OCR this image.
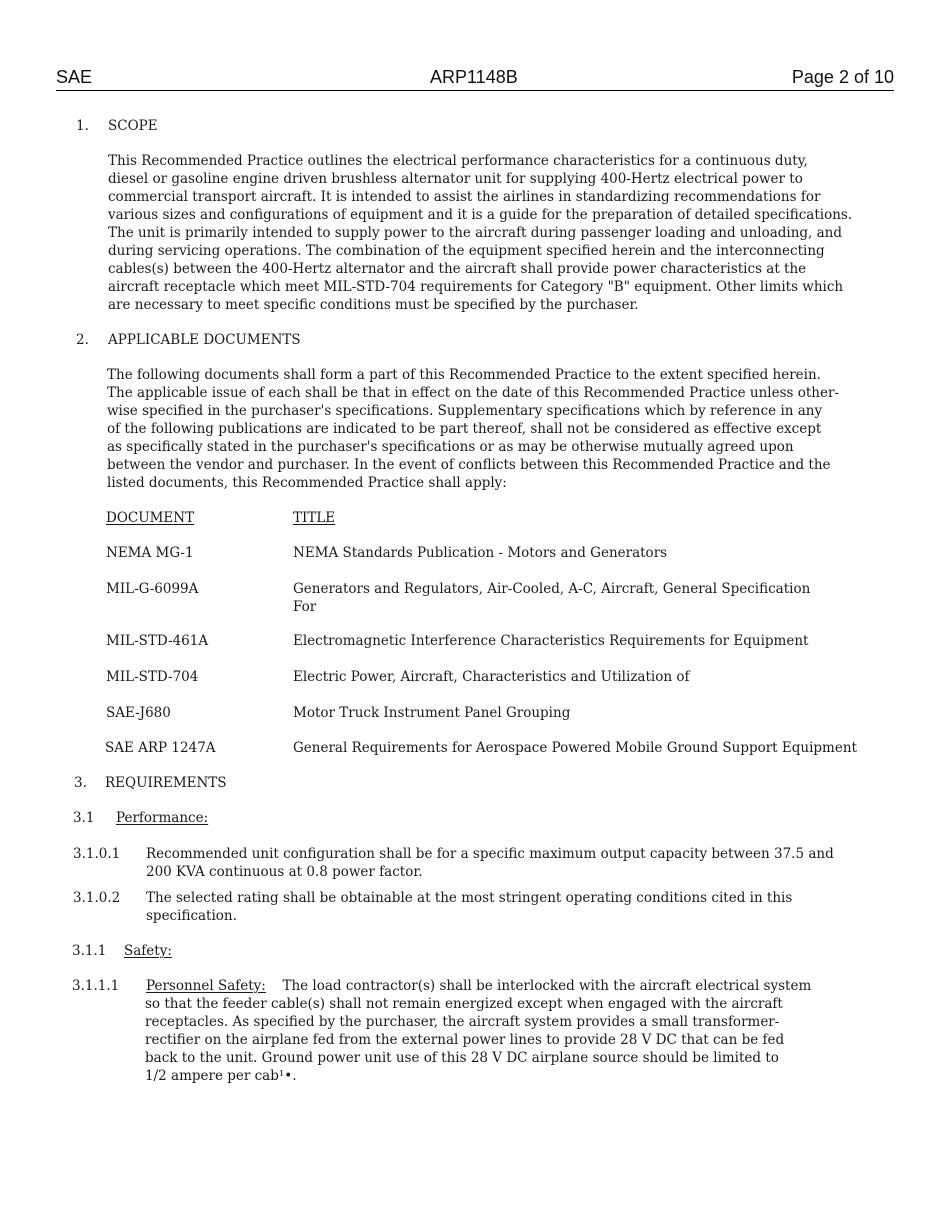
SAE	ARP1148B	Page 2 of 10
1. SCOPE
This Recommended Practice outlines the electrical performance characteristics for a continuous duty,
diesel or gasoline engine driven brushless alternator unit for supplying 400-Hertz electrical power to
commercial transport aircraft. It is intended to assist the airlines in standardizing recommendations for
various sizes and configurations of equipment and it is a guide for the preparation of detailed specifications.
The unit is primarily intended to supply power to the aircraft during passenger loading and unloading, and
during servicing operations. The combination of the equipment specified herein and the interconnecting
cables(s) between the 400-Hertz alternator and the aircraft shall provide power characteristics at the
aircraft receptacle which meet MIL-STD-704 requirements for Category "B" equipment. Other limits which
are necessary to meet specific conditions must be specified by the purchaser.
2. APPLICABLE DOCUMENTS
The following documents shall form a part of this Recommended Practice to the extent specified herein.
The applicable issue of each shall be that in effect on the date of this Recommended Practice unless other-
wise specified in the purchaser's specifications. Supplementary specifications which by reference in any
of the following publications are indicated to be part thereof, shall not be considered as effective except
as specifically stated in the purchaser's specifications or as may be otherwise mutually agreed upon
between the vendor and purchaser. In the event of conflicts between this Recommended Practice and the
listed documents, this Recommended Practice shall apply:
DOCUMENT	TITLE
NEMA MG-1	NEMA Standards Publication - Motors and Generators
MIL-G-6099A	Generators and Regulators, Air-Cooled, A-C, Aircraft, General Specification
For
MIL-STD-461A	Electromagnetic Interference Characteristics Requirements for Equipment
MIL-STD-704	Electric Power, Aircraft, Characteristics and Utilization of
SAE-J680	Motor Truck Instrument Panel Grouping
SAE ARP 1247A	General Requirements for Aerospace Powered Mobile Ground Support Equipment
3. REQUIREMENTS
3.1 Performance:
3.1.0.1 Recommended unit configuration shall be for a specific maximum output capacity between 37.5 and
200 KVA continuous at 0.8 power factor.
3.1.0.2 The selected rating shall be obtainable at the most stringent operating conditions cited in this
specification.
3.1.1 Safety:
3.1.1.1 Personnel Safety: The load contractor(s) shall be interlocked with the aircraft electrical system
so that the feeder cable(s) shall not remain energized except when engaged with the aircraft
receptacles. As specified by the purchaser, the aircraft system provides a small transformer-
rectifier on the airplane fed from the external power lines to provide 28 V DC that can be fed
back to the unit. Ground power unit use of this 28 V DC airplane source should be limited to
1/2 ampere per cab¹•.
